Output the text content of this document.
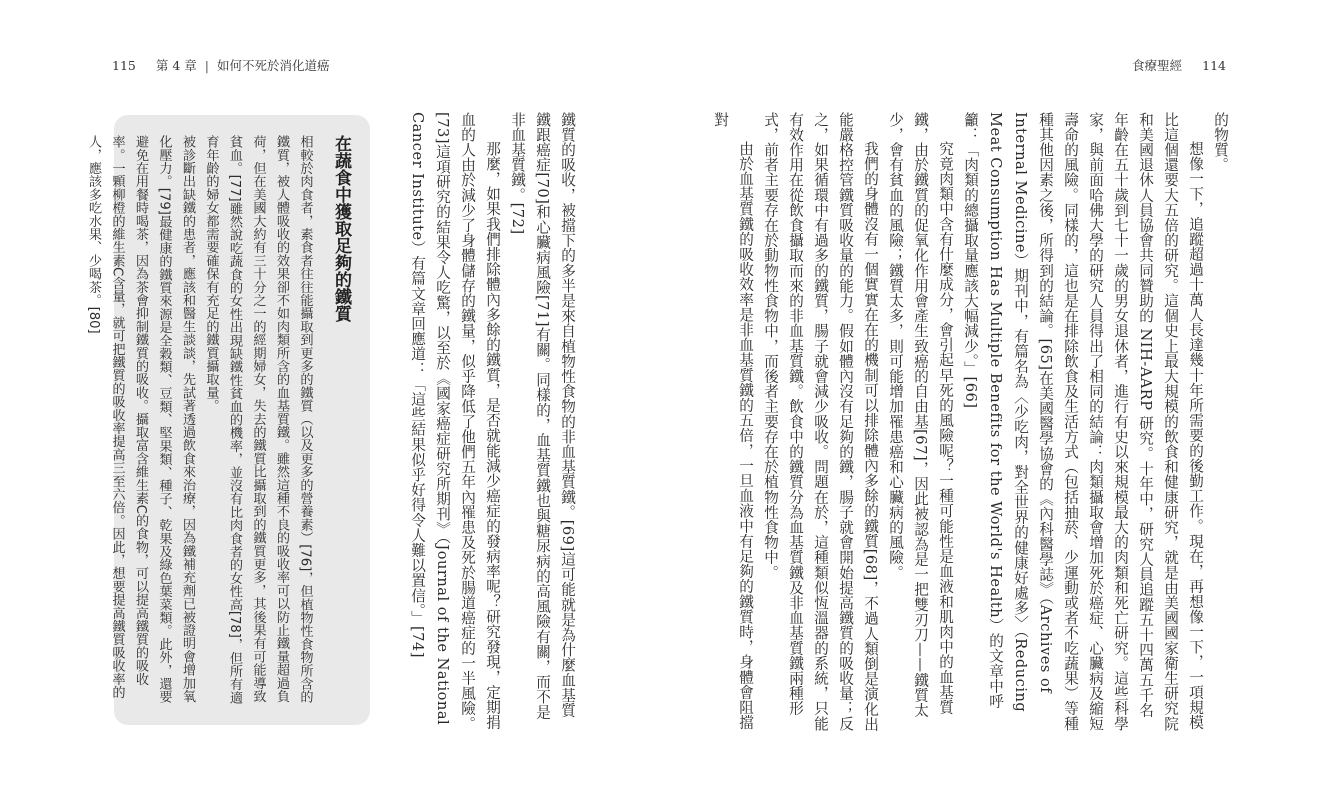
115 第 4 章 | 如何不死於消化道癌
在蔬食中獲取足夠的鐵質

相較於肉食者，素食者往往能攝取到更多的鐵質（以及更多的營養素）[76]，但植物性食物所含的鐵質，被人體吸收的效果卻不如肉類所含的血基質鐵。雖然這種不良的吸收率可以防止鐵量超過負荷，但在美國大約有三十分之一的經期婦女，失去的鐵質比攝取到的鐵質更多，其後果有可能導致貧血。[77]雖然說吃蔬食的女性出現缺鐵性貧血的機率，並沒有比肉食者的女性高[78]，但所有適育年齡的婦女都需要確保有充足的鐵質攝取量。

被診斷出缺鐵的患者，應該和醫生談談，先試著透過飲食來治療，因為鐵補充劑已被證明會增加氧化壓力。[79]最健康的鐵質來源是全穀類、豆類、堅果類、種子、乾果及綠色葉菜類。此外，還要避免在用餐時喝茶，因為茶會抑制鐵質的吸收。攝取富含維生素C的食物，可以提高鐵質的吸收率。一顆柳橙的維生素C含量，就可把鐵質的吸收率提高三至六倍。因此，想要提高鐵質吸收率的人，應該多吃水果、少喝茶。[80]	鐵質的吸收，被擋下的多半是來自植物性食物的非血基質鐵。[69]這可能就是為什麼血基質鐵跟癌症[70]和心臟病風險[71]有關。同樣的，血基質鐵也與糖尿病的高風險有關，而不是非血基質鐵。[72]

那麼，如果我們排除體內多餘的鐵質，是否就能減少癌症的發病率呢？研究發現，定期捐血的人由於減少了身體儲存的鐵量，似乎降低了他們五年內罹患及死於腸道癌症的一半風險。[73]這項研究的結果令人吃驚，以至於《國家癌症研究所期刊》（Journal of the National Cancer Institute）有篇文章回應道：「這些結果似乎好得令人難以置信。」[74]

食療聖經 114

的物質。

想像一下，追蹤超過十萬人長達幾十年所需要的後勤工作。現在，再想像一下，一項規模比這個還要大五倍的研究。這個史上最大規模的飲食和健康研究，就是由美國國家衛生研究院和美國退休人員協會共同贊助的 NIH-AARP 研究。十年中，研究人員追蹤五十四萬五千名年齡在五十歲到七十一歲的男女退休者，進行有史以來規模最大的肉類和死亡研究。這些科學家，與前面哈佛大學的研究人員得出了相同的結論：肉類攝取會增加死於癌症、心臟病及縮短壽命的風險。同樣的，這也是在排除飲食及生活方式（包括抽菸、少運動或者不吃蔬果）等種種其他因素之後，所得到的結論。[65]在美國醫學協會的《內科醫學誌》（Archives of Internal Medicine）期刊中，有篇名為〈少吃肉，對全世界的健康好處多〉（Reducing Meat Consumption Has Multiple Benefits for the World's Health）的文章中呼籲：「肉類的總攝取量應該大幅減少。」[66]

究竟肉類中含有什麼成分，會引起早死的風險呢？一種可能性是血液和肌肉中的血基質鐵，由於鐵質的促氧化作用會產生致癌的自由基[67]，因此被認為是一把雙刃刀——鐵質太少，會有貧血的風險；鐵質太多，則可能增加罹患癌和心臟病的風險。

我們的身體沒有一個實實在在的機制可以排除體內多餘的鐵質[68]，不過人類倒是演化出能嚴格控管鐵質吸收量的能力。假如體內沒有足夠的鐵，腸子就會開始提高鐵質的吸收量；反之，如果循環中有過多的鐵質，腸子就會減少吸收。問題在於，這種類似恆溫器的系統，只能有效作用在從飲食攝取而來的非血基質鐵。飲食中的鐵質分為血基質鐵及非血基質鐵兩種形式，前者主要存在於動物性食物中，而後者主要存在於植物性食物中。

由於血基質鐵的吸收效率是非血基質鐵的五倍，一旦血液中有足夠的鐵質時，身體會阻擋對
